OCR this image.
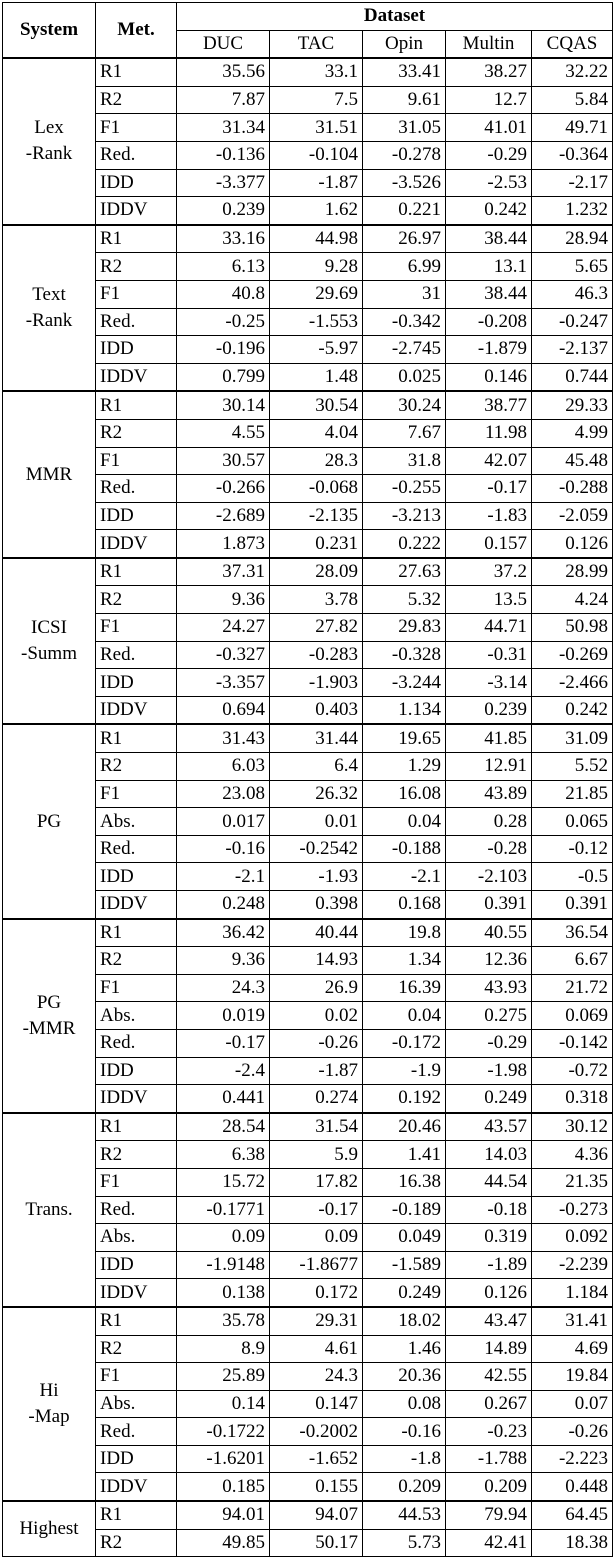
System	Met.	Dataset				
		DUC	TAC	Opin	Multin	CQAS

Lex
-Rank	R1	35.56	33.1	33.41	38.27	32.22
	R2	7.87	7.5	9.61	12.7	5.84
	F1	31.34	31.51	31.05	41.01	49.71
	Red.	-0.136	-0.104	-0.278	-0.29	-0.364
	IDD	-3.377	-1.87	-3.526	-2.53	-2.17
	IDDV	0.239	1.62	0.221	0.242	1.232

Text
-Rank	R1	33.16	44.98	26.97	38.44	28.94
	R2	6.13	9.28	6.99	13.1	5.65
	F1	40.8	29.69	31	38.44	46.3
	Red.	-0.25	-1.553	-0.342	-0.208	-0.247
	IDD	-0.196	-5.97	-2.745	-1.879	-2.137
	IDDV	0.799	1.48	0.025	0.146	0.744

MMR	R1	30.14	30.54	30.24	38.77	29.33
	R2	4.55	4.04	7.67	11.98	4.99
	F1	30.57	28.3	31.8	42.07	45.48
	Red.	-0.266	-0.068	-0.255	-0.17	-0.288
	IDD	-2.689	-2.135	-3.213	-1.83	-2.059
	IDDV	1.873	0.231	0.222	0.157	0.126

ICSI
-Summ	R1	37.31	28.09	27.63	37.2	28.99
	R2	9.36	3.78	5.32	13.5	4.24
	F1	24.27	27.82	29.83	44.71	50.98
	Red.	-0.327	-0.283	-0.328	-0.31	-0.269
	IDD	-3.357	-1.903	-3.244	-3.14	-2.466
	IDDV	0.694	0.403	1.134	0.239	0.242

PG	R1	31.43	31.44	19.65	41.85	31.09
	R2	6.03	6.4	1.29	12.91	5.52
	F1	23.08	26.32	16.08	43.89	21.85
	Abs.	0.017	0.01	0.04	0.28	0.065
	Red.	-0.16	-0.2542	-0.188	-0.28	-0.12
	IDD	-2.1	-1.93	-2.1	-2.103	-0.5
	IDDV	0.248	0.398	0.168	0.391	0.391

PG
-MMR	R1	36.42	40.44	19.8	40.55	36.54
	R2	9.36	14.93	1.34	12.36	6.67
	F1	24.3	26.9	16.39	43.93	21.72
	Abs.	0.019	0.02	0.04	0.275	0.069
	Red.	-0.17	-0.26	-0.172	-0.29	-0.142
	IDD	-2.4	-1.87	-1.9	-1.98	-0.72
	IDDV	0.441	0.274	0.192	0.249	0.318

Trans.	R1	28.54	31.54	20.46	43.57	30.12
	R2	6.38	5.9	1.41	14.03	4.36
	F1	15.72	17.82	16.38	44.54	21.35
	Red.	-0.1771	-0.17	-0.189	-0.18	-0.273
	Abs.	0.09	0.09	0.049	0.319	0.092
	IDD	-1.9148	-1.8677	-1.589	-1.89	-2.239
	IDDV	0.138	0.172	0.249	0.126	1.184

Hi
-Map	R1	35.78	29.31	18.02	43.47	31.41
	R2	8.9	4.61	1.46	14.89	4.69
	F1	25.89	24.3	20.36	42.55	19.84
	Abs.	0.14	0.147	0.08	0.267	0.07
	Red.	-0.1722	-0.2002	-0.16	-0.23	-0.26
	IDD	-1.6201	-1.652	-1.8	-1.788	-2.223
	IDDV	0.185	0.155	0.209	0.209	0.448

Highest	R1	94.01	94.07	44.53	79.94	64.45
	R2	49.85	50.17	5.73	42.41	18.38
